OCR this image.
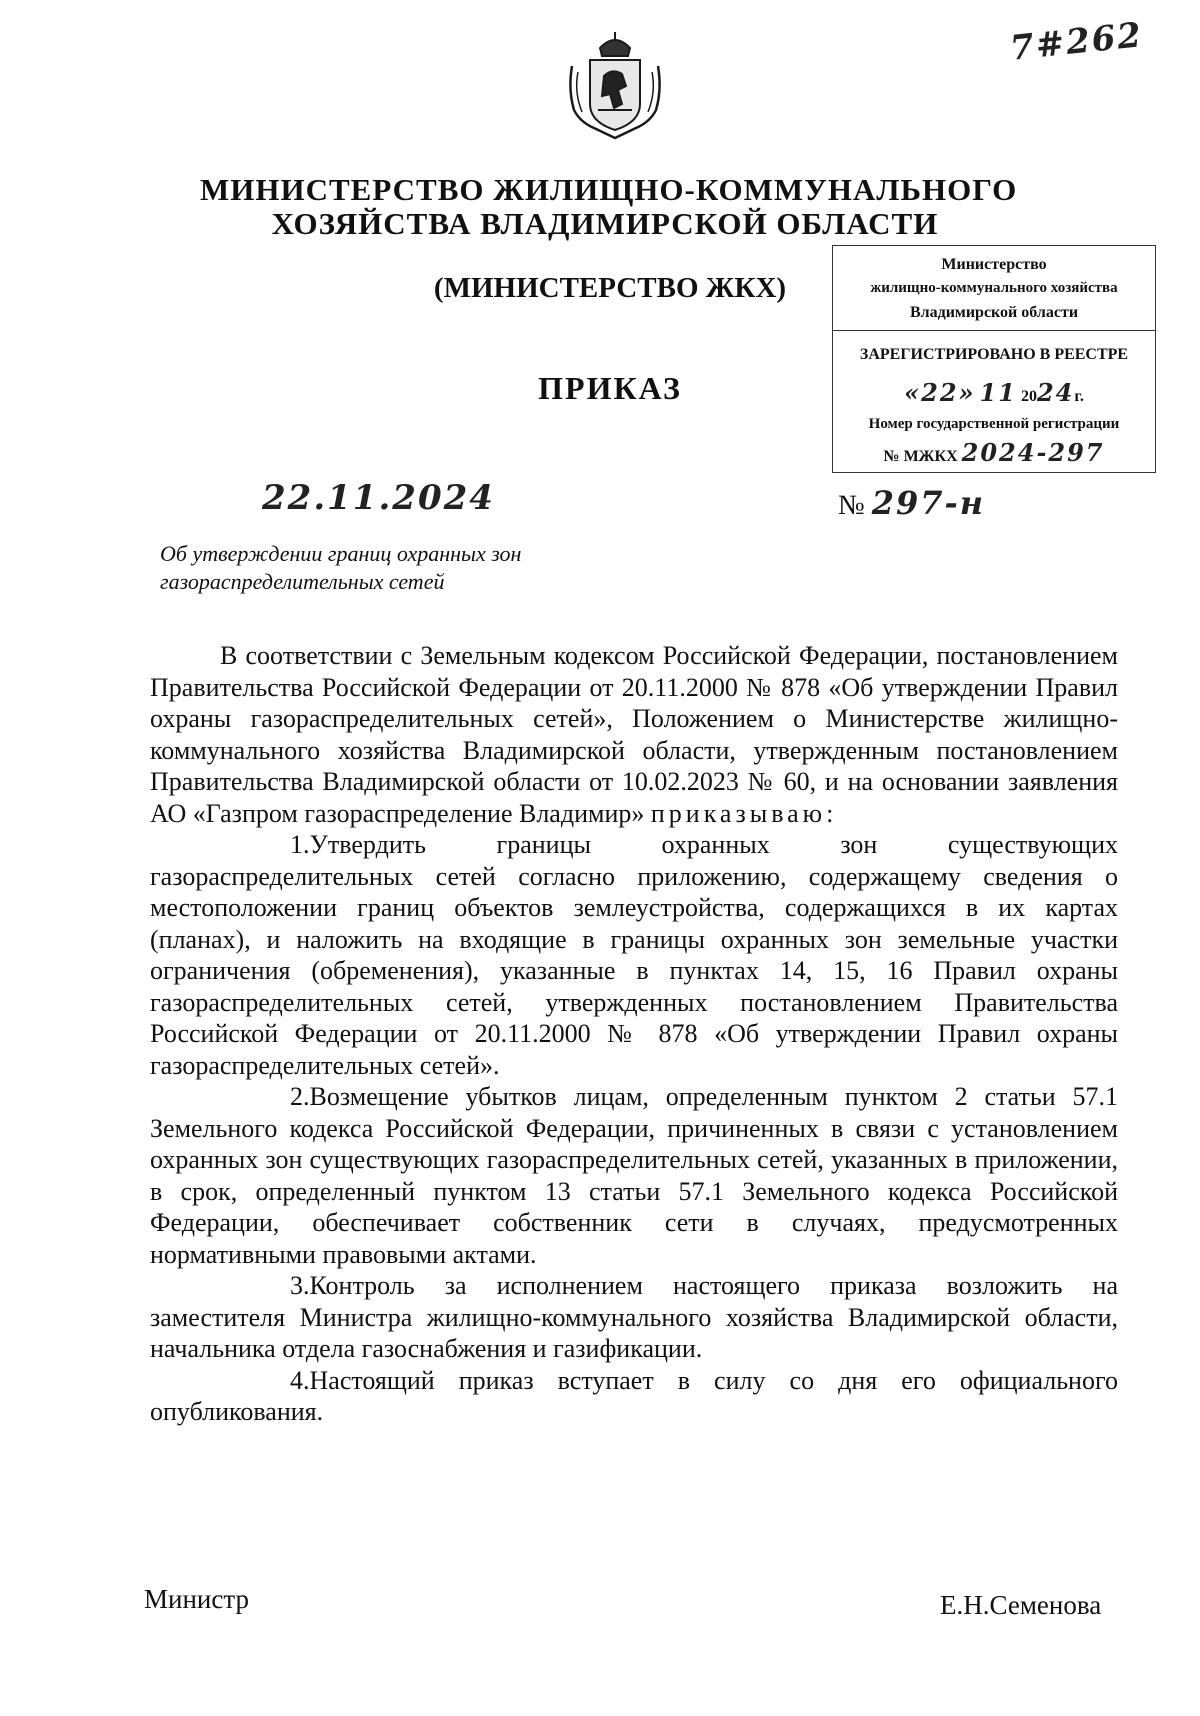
7#262
МИНИСТЕРСТВО ЖИЛИЩНО-КОММУНАЛЬНОГО
ХОЗЯЙСТВА ВЛАДИМИРСКОЙ ОБЛАСТИ
(МИНИСТЕРСТВО ЖКХ)
ПРИКАЗ
Министерство
жилищно-коммунального хозяйства
Владимирской области
ЗАРЕГИСТРИРОВАНО В РЕЕСТРЕ
«22» 11 2024г.
Номер государственной регистрации
№ МЖКХ 2024-297
22.11.2024	№ 297-н
Об утверждении границ охранных зон
газораспределительных сетей

В соответствии с Земельным кодексом Российской Федерации, постановлением Правительства Российской Федерации от 20.11.2000 № 878 «Об утверждении Правил охраны газораспределительных сетей», Положением о Министерстве жилищно-коммунального хозяйства Владимирской области, утвержденным постановлением Правительства Владимирской области от 10.02.2023 № 60, и на основании заявления АО «Газпром газораспределение Владимир» приказываю:

1.Утвердить границы охранных зон существующих газораспределительных сетей согласно приложению, содержащему сведения о местоположении границ объектов землеустройства, содержащихся в их картах (планах), и наложить на входящие в границы охранных зон земельные участки ограничения (обременения), указанные в пунктах 14, 15, 16 Правил охраны газораспределительных сетей, утвержденных постановлением Правительства Российской Федерации от 20.11.2000 № 878 «Об утверждении Правил охраны газораспределительных сетей».

2.Возмещение убытков лицам, определенным пунктом 2 статьи 57.1 Земельного кодекса Российской Федерации, причиненных в связи с установлением охранных зон существующих газораспределительных сетей, указанных в приложении, в срок, определенный пунктом 13 статьи 57.1 Земельного кодекса Российской Федерации, обеспечивает собственник сети в случаях, предусмотренных нормативными правовыми актами.

3.Контроль за исполнением настоящего приказа возложить на заместителя Министра жилищно-коммунального хозяйства Владимирской области, начальника отдела газоснабжения и газификации.

4.Настоящий приказ вступает в силу со дня его официального опубликования.

Министр	Е.Н.Семенова
